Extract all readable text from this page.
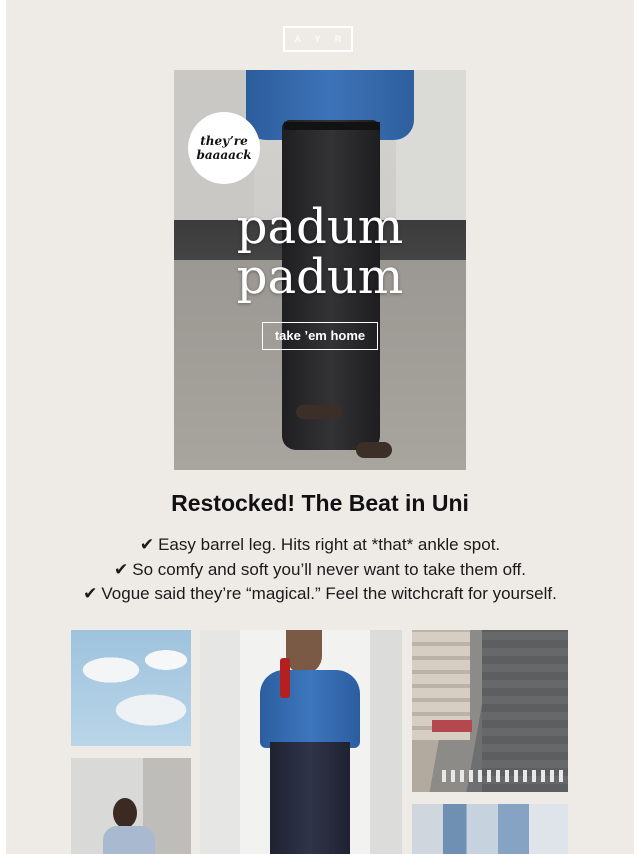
A Y R
they’re
baaaack
padum
padum
take ’em home
Restocked! The Beat in Uni
✔ Easy barrel leg. Hits right at *that* ankle spot.
✔ So comfy and soft you’ll never want to take them off.
✔ Vogue said they’re “magical.” Feel the witchcraft for yourself.
